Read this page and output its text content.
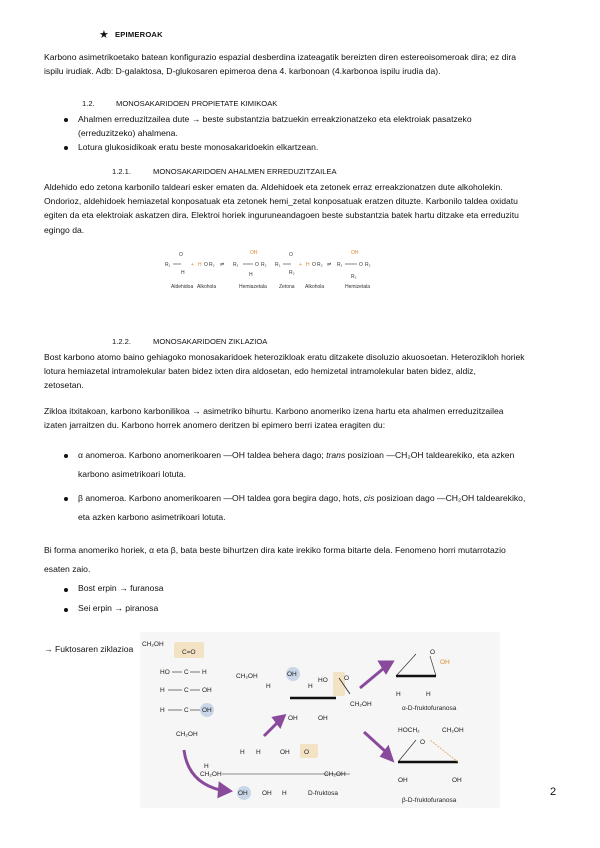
★ EPIMEROAK
Karbono asimetrikoetako batean konfigurazio espazial desberdina izateagatik bereizten diren estereoisomeroak dira; ez dira
ispilu irudiak. Adb: D-galaktosa, D-glukosaren epimeroa dena 4. karbonoan (4.karbonoa ispilu irudia da).
1.2.	MONOSAKARIDOEN PROPIETATE KIMIKOAK
Ahalmen erreduzitzailea dute → beste substantzia batzuekin erreakzionatzeko eta elektroiak pasatzeko
(erreduzitzeko) ahalmena.
Lotura glukosidikoak eratu beste monosakaridoekin elkartzean.
1.2.1.	MONOSAKARIDOEN AHALMEN ERREDUZITZAILEA
Aldehido edo zetona karbonilo taldeari esker ematen da. Aldehidoek eta zetonek erraz erreakzionatzen dute alkoholekin.
Ondorioz, aldehidoek hemiazetal konposatuak eta zetonek hemi_zetal konposatuak eratzen dituzte. Karbonilo taldea oxidatu
egiten da eta elektroiak askatzen dira. Elektroi horiek inguruneandagoen beste substantzia batek hartu ditzake eta erreduzitu
egingo da.
R₁
O
H
+ H O R₂ ⇌ R₁
OH
O R₂
H
R₁
O
R₂
+ H O R₂ ⇌ R₁
OH
O R₂
R₂
Aldehidoa Alkohola	Hemiazetala Zetona Alkohola	Hemizetala
1.2.2.	MONOSAKARIDOEN ZIKLAZIOA
Bost karbono atomo baino gehiagoko monosakaridoek heterozikloak eratu ditzakete disoluzio akuosoetan. Heterozikloh horiek
lotura hemiazetal intramolekular baten bidez ixten dira aldosetan, edo hemizetal intramolekular baten bidez, aldiz,
zetosetan.
Zikloa itxitakoan, karbono karbonilikoa → asimetriko bihurtu. Karbono anomeriko izena hartu eta ahalmen erreduzitzailea
izaten jarraitzen du. Karbono horrek anomero deritzen bi epimero berri izatea eragiten du:
α anomeroa. Karbono anomerikoaren —OH taldea behera dago; trans posizioan —CH₂OH taldearekiko, eta azken
karbono asimetrikoari lotuta.
β anomeroa. Karbono anomerikoaren —OH taldea gora begira dago, hots, cis posizioan dago —CH₂OH taldearekiko,
eta azken karbono asimetrikoari lotuta.
Bi forma anomeriko horiek, α eta β, bata beste bihurtzen dira kate irekiko forma bitarte dela. Fenomeno horri mutarrotazio
esaten zaio.
Bost erpin → furanosa
Sei erpin → piranosa
→ Fuktosaren ziklazioa CH₂OH
C=O
HO C H
H	C OH
H	C OH
CH₂OH
OH
CH₂OH
H	H
HO	O
OH	OH
CH₂OH
H
H H	OH O
CH₂OH	CH₂OH
OH OH H	D-fruktosa
O
OH
H	H
α-D-fruktofuranosa
HOCH₂	CH₂OH
O
OH	OH
β-D-fruktofuranosa
2
